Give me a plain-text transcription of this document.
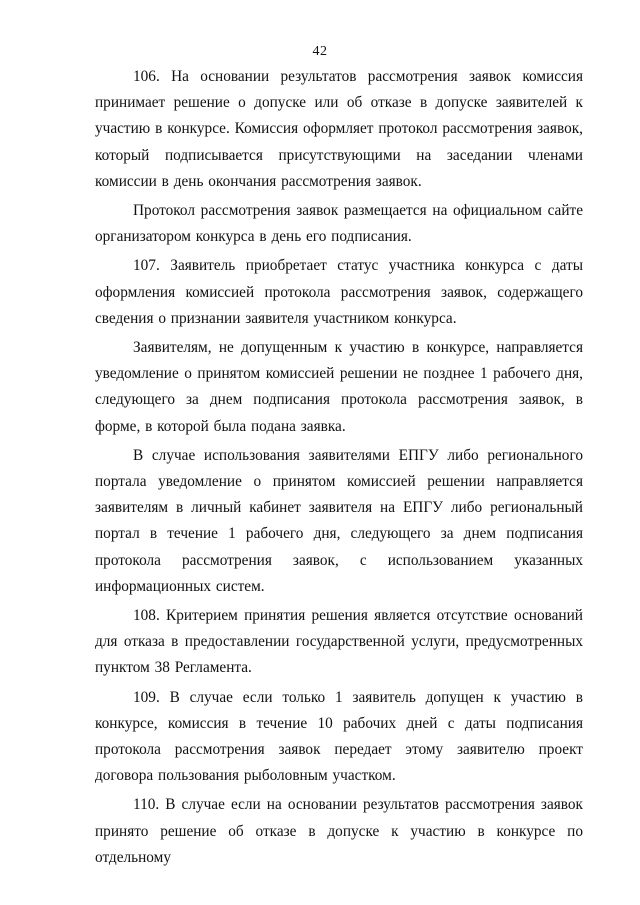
42

106. На основании результатов рассмотрения заявок комиссия принимает решение о допуске или об отказе в допуске заявителей к участию в конкурсе. Комиссия оформляет протокол рассмотрения заявок, который подписывается присутствующими на заседании членами комиссии в день окончания рассмотрения заявок.

Протокол рассмотрения заявок размещается на официальном сайте организатором конкурса в день его подписания.

107. Заявитель приобретает статус участника конкурса с даты оформления комиссией протокола рассмотрения заявок, содержащего сведения о признании заявителя участником конкурса.

Заявителям, не допущенным к участию в конкурсе, направляется уведомление о принятом комиссией решении не позднее 1 рабочего дня, следующего за днем подписания протокола рассмотрения заявок, в форме, в которой была подана заявка.

В случае использования заявителями ЕПГУ либо регионального портала уведомление о принятом комиссией решении направляется заявителям в личный кабинет заявителя на ЕПГУ либо региональный портал в течение 1 рабочего дня, следующего за днем подписания протокола рассмотрения заявок, с использованием указанных информационных систем.

108. Критерием принятия решения является отсутствие оснований для отказа в предоставлении государственной услуги, предусмотренных пунктом 38 Регламента.

109. В случае если только 1 заявитель допущен к участию в конкурсе, комиссия в течение 10 рабочих дней с даты подписания протокола рассмотрения заявок передает этому заявителю проект договора пользования рыболовным участком.

110. В случае если на основании результатов рассмотрения заявок принято решение об отказе в допуске к участию в конкурсе по отдельному
